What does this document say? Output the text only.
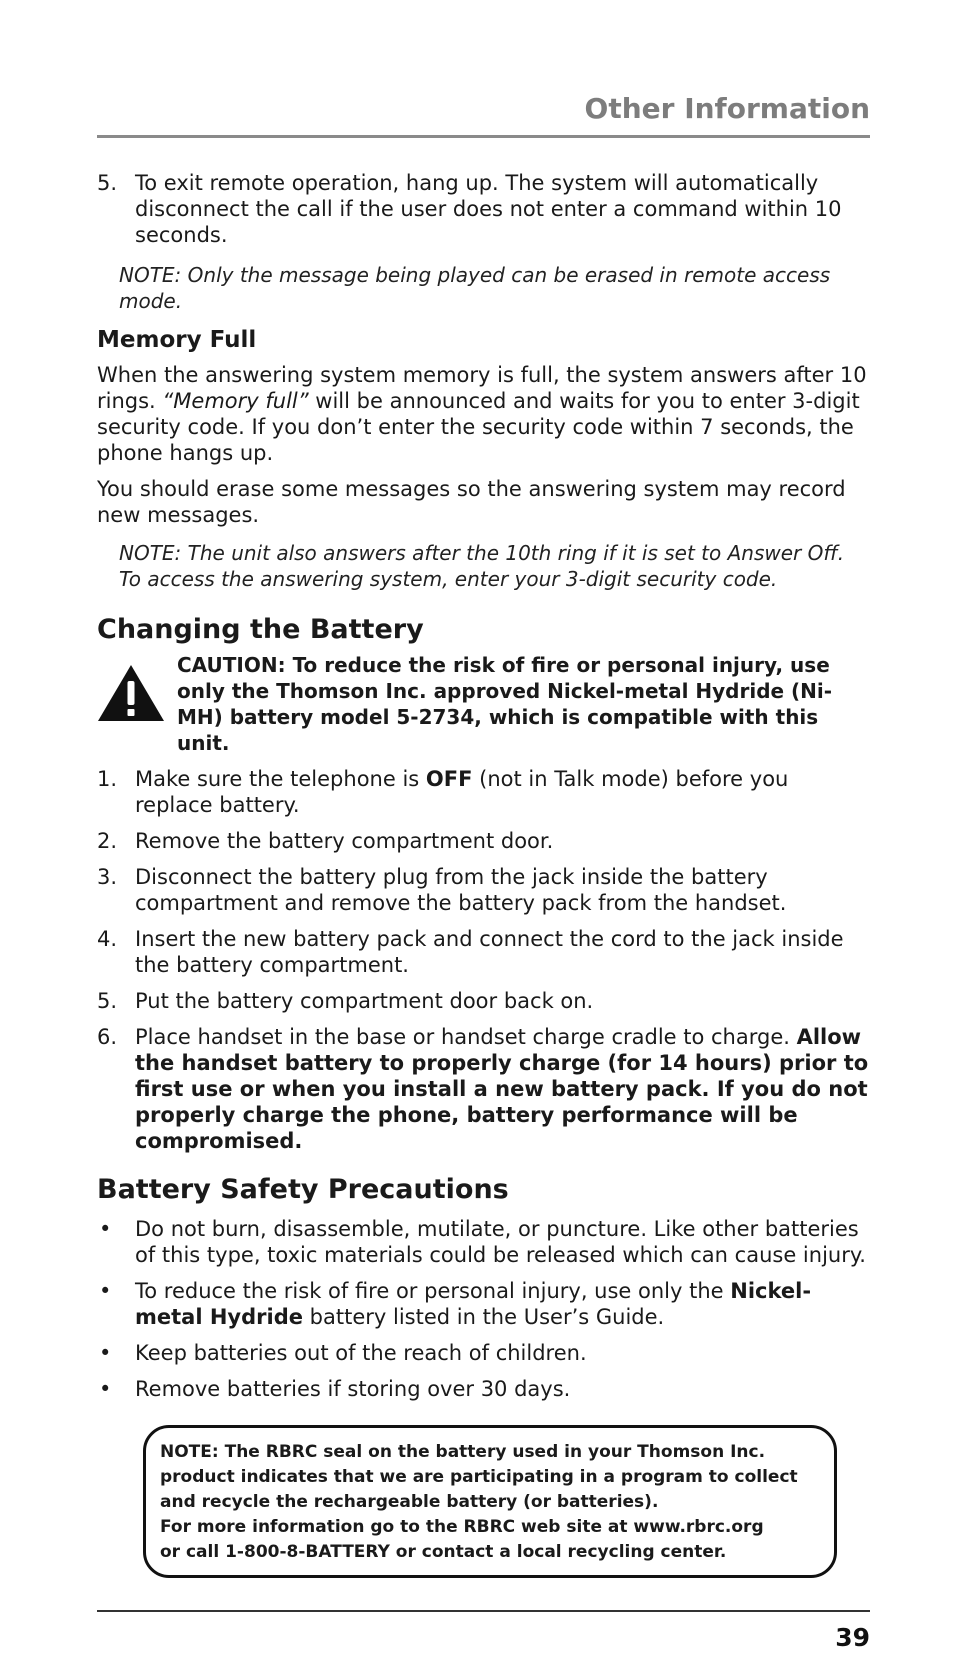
Other Information
5. To exit remote operation, hang up. The system will automatically disconnect the call if the user does not enter a command within 10 seconds.

NOTE: Only the message being played can be erased in remote access mode.

Memory Full

When the answering system memory is full, the system answers after 10 rings. “Memory full” will be announced and waits for you to enter 3-digit security code. If you don’t enter the security code within 7 seconds, the phone hangs up.

You should erase some messages so the answering system may record new messages.

NOTE: The unit also answers after the 10th ring if it is set to Answer Off. To access the answering system, enter your 3-digit security code.

Changing the Battery
CAUTION: To reduce the risk of fire or personal injury, use only the Thomson Inc. approved Nickel-metal Hydride (Ni-MH) battery model 5-2734, which is compatible with this unit.
1. Make sure the telephone is OFF (not in Talk mode) before you replace battery.
2. Remove the battery compartment door.
3. Disconnect the battery plug from the jack inside the battery compartment and remove the battery pack from the handset.
4. Insert the new battery pack and connect the cord to the jack inside the battery compartment.
5. Put the battery compartment door back on.
6. Place handset in the base or handset charge cradle to charge. Allow the handset battery to properly charge (for 14 hours) prior to first use or when you install a new battery pack. If you do not properly charge the phone, battery performance will be compromised.
Battery Safety Precautions
• Do not burn, disassemble, mutilate, or puncture. Like other batteries of this type, toxic materials could be released which can cause injury.
• To reduce the risk of fire or personal injury, use only the Nickel-metal Hydride battery listed in the User’s Guide.
• Keep batteries out of the reach of children.
• Remove batteries if storing over 30 days.
NOTE: The RBRC seal on the battery used in your Thomson Inc. product indicates that we are participating in a program to collect and recycle the rechargeable battery (or batteries).
For more information go to the RBRC web site at www.rbrc.org
or call 1-800-8-BATTERY or contact a local recycling center.
39
